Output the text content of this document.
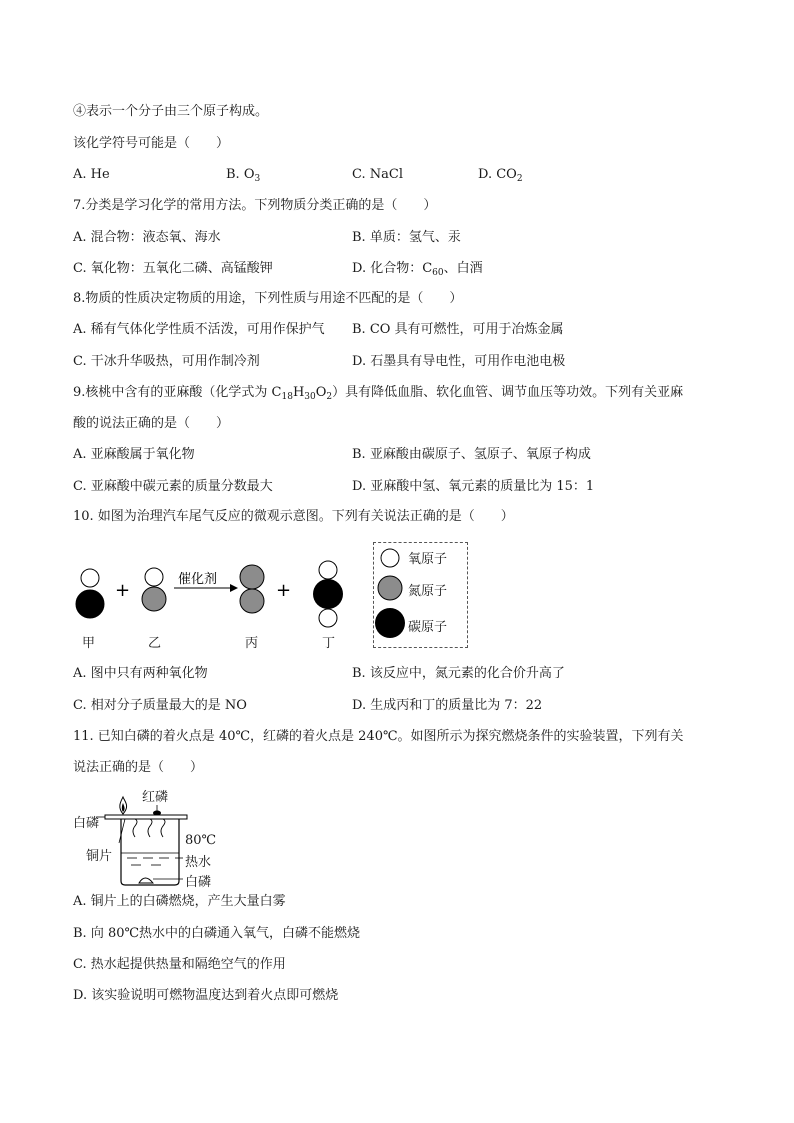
④表示一个分子由三个原子构成。
该化学符号可能是（　　）
A. He	B. $O_3$	C. NaCl	D. $CO_2$
7.分类是学习化学的常用方法。下列物质分类正确的是（　　）
A. 混合物：液态氧、海水	B. 单质：氢气、汞
C. 氧化物：五氧化二磷、高锰酸钾	D. 化合物：$C_{60}$、白酒
8.物质的性质决定物质的用途，下列性质与用途不匹配的是（　　）
A. 稀有气体化学性质不活泼，可用作保护气 B. CO 具有可燃性，可用于冶炼金属
C. 干冰升华吸热，可用作制冷剂	D. 石墨具有导电性，可用作电池电极
9.核桃中含有的亚麻酸（化学式为 $C_{18}H_{30}O_2$）具有降低血脂、软化血管、调节血压等功效。下列有关亚麻
酸的说法正确的是（　　）
A. 亚麻酸属于氧化物	B. 亚麻酸由碳原子、氢原子、氧原子构成
C. 亚麻酸中碳元素的质量分数最大	D. 亚麻酸中氢、氧元素的质量比为 15：1
10. 如图为治理汽车尾气反应的微观示意图。下列有关说法正确的是（　　）
+
催化剂
+
甲	乙	丙	丁
氧原子
氮原子
碳原子
A. 图中只有两种氧化物	B. 该反应中，氮元素的化合价升高了
C. 相对分子质量最大的是 NO	D. 生成丙和丁的质量比为 7：22
11. 已知白磷的着火点是 40℃，红磷的着火点是 240℃。如图所示为探究燃烧条件的实验装置，下列有关
说法正确的是（　　）
红磷
白磷
铜片
80℃
热水
白磷
A. 铜片上的白磷燃烧，产生大量白雾
B. 向 80℃热水中的白磷通入氧气，白磷不能燃烧
C. 热水起提供热量和隔绝空气的作用
D. 该实验说明可燃物温度达到着火点即可燃烧
